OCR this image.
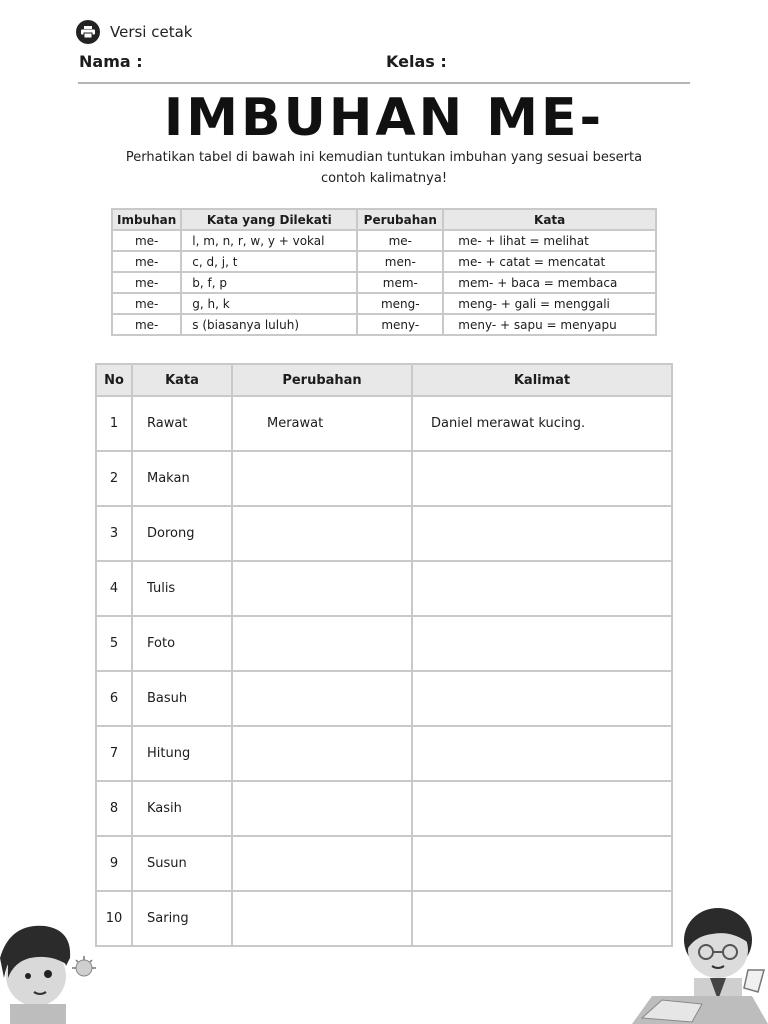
Versi cetak
Nama :	Kelas :
IMBUHAN ME-
Perhatikan tabel di bawah ini kemudian tuntukan imbuhan yang sesuai beserta contoh kalimatnya!
Imbuhan	Kata yang Dilekati	Perubahan	Kata
me-	l, m, n, r, w, y + vokal	me-	me- + lihat = melihat
me-	c, d, j, t	men-	me- + catat = mencatat
me-	b, f, p	mem-	mem- + baca = membaca
me-	g, h, k	meng-	meng- + gali = menggali
me-	s (biasanya luluh)	meny-	meny- + sapu = menyapu
No	Kata	Perubahan	Kalimat
1	Rawat	Merawat	Daniel merawat kucing.
2	Makan		
3	Dorong		
4	Tulis		
5	Foto		
6	Basuh		
7	Hitung		
8	Kasih		
9	Susun		
10	Saring		
